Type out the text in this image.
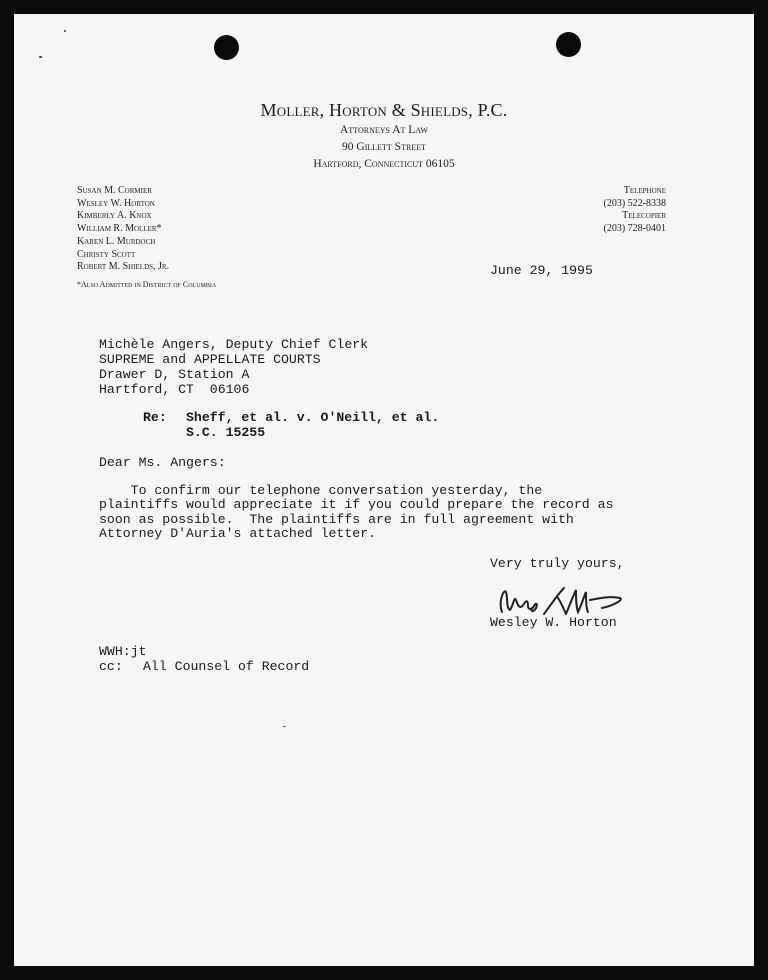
Moller, Horton & Shields, P.C.
Attorneys At Law
90 Gillett Street
Hartford, Connecticut 06105
Susan M. Cormier
Wesley W. Horton
Kimberly A. Knox
William R. Moller*
Karen L. Murdoch
Christy Scott
Robert M. Shields, Jr.
*Also Admitted in District of Columbia
Telephone
(203) 522-8338
Telecopier
(203) 728-0401
June 29, 1995
Michèle Angers, Deputy Chief Clerk
SUPREME and APPELLATE COURTS
Drawer D, Station A
Hartford, CT  06106
Re: Sheff, et al. v. O'Neill, et al.
S.C. 15255
Dear Ms. Angers:
To confirm our telephone conversation yesterday, the
plaintiffs would appreciate it if you could prepare the record as
soon as possible.  The plaintiffs are in full agreement with
Attorney D'Auria's attached letter.
Very truly yours,
Wesley W. Horton
WWH:jt
cc: All Counsel of Record
